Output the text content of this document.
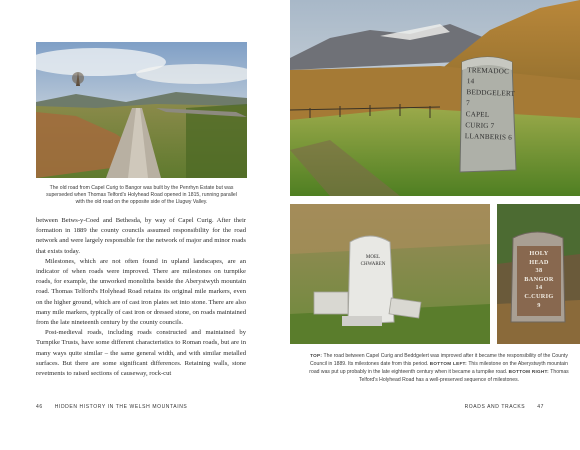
The old road from Capel Curig to Bangor was built by the Penrhyn Estate but was
superseded when Thomas Telford's Holyhead Road opened in 1815, running parallel
with the old road on the opposite side of the Llugwy Valley.

between Betws-y-Coed and Bethesda, by way of Capel Curig. After their formation in 1889 the county councils assumed responsibility for the road network and were largely responsible for the network of major and minor roads that exists today.

Milestones, which are not often found in upland landscapes, are an indicator of when roads were improved. There are milestones on turnpike roads, for example, the unworked monoliths beside the Aberystwyth mountain road. Thomas Telford's Holyhead Road retains its original mile markers, even on the higher ground, which are of cast iron plates set into stone. There are also many mile markers, typically of cast iron or dressed stone, on roads maintained from the late nineteenth century by the county councils.

Post-medieval roads, including roads constructed and maintained by Turnpike Trusts, have some different characteristics to Roman roads, but are in many ways quite similar – the same general width, and with similar metalled surfaces. But there are some significant differences. Retaining walls, stone revetments to raised sections of causeway, rock-cut

46 HIDDEN HISTORY IN THE WELSH MOUNTAINS
TREMADOC 14
BEDDGELERT 7
CAPEL CURIG 7
LLANBERIS 6
MOEL
CHWAREN
HOLY
HEAD
38
BANGOR
14
C.CURIG
9
TOP: The road between Capel Curig and Beddgelert was improved after it became the responsibility of the County Council in 1889. Its milestones date from this period. BOTTOM LEFT: This milestone on the Aberystwyth mountain road was put up probably in the late eighteenth century when it became a turnpike road. BOTTOM RIGHT: Thomas Telford's Holyhead Road has a well-preserved sequence of milestones.
ROADS AND TRACKS 47
